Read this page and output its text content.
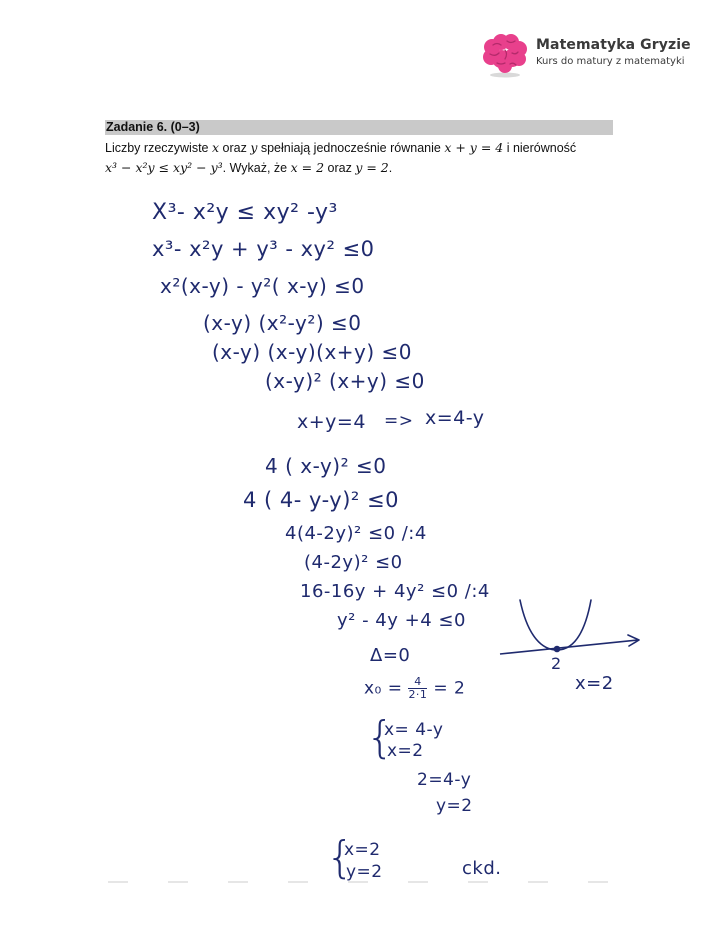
Matematyka Gryzie
Kurs do matury z matematyki
Zadanie 6. (0–3)
Liczby rzeczywiste x oraz y spełniają jednocześnie równanie x + y = 4 i nierówność
x³ − x²y ≤ xy² − y³. Wykaż, że x = 2 oraz y = 2.
X³- x²y ≤ xy² -y³
x³- x²y + y³ - xy² ≤0
x²(x-y) - y²( x-y) ≤0
(x-y) (x²-y²) ≤0
(x-y) (x-y)(x+y) ≤0
(x-y)² (x+y) ≤0
x+y=4 => x=4-y
4 ( x-y)² ≤0
4 ( 4- y-y)² ≤0
4(4-2y)² ≤0 /:4
(4-2y)² ≤0
16-16y + 4y² ≤0 /:4
y² - 4y +4 ≤0
Δ=0
$x_0 = \frac{4}{2\cdot 1} = 2$
{
x= 4-y
x=2
2=4-y
y=2
{
x=2
y=2	ckd.
2
x=2
